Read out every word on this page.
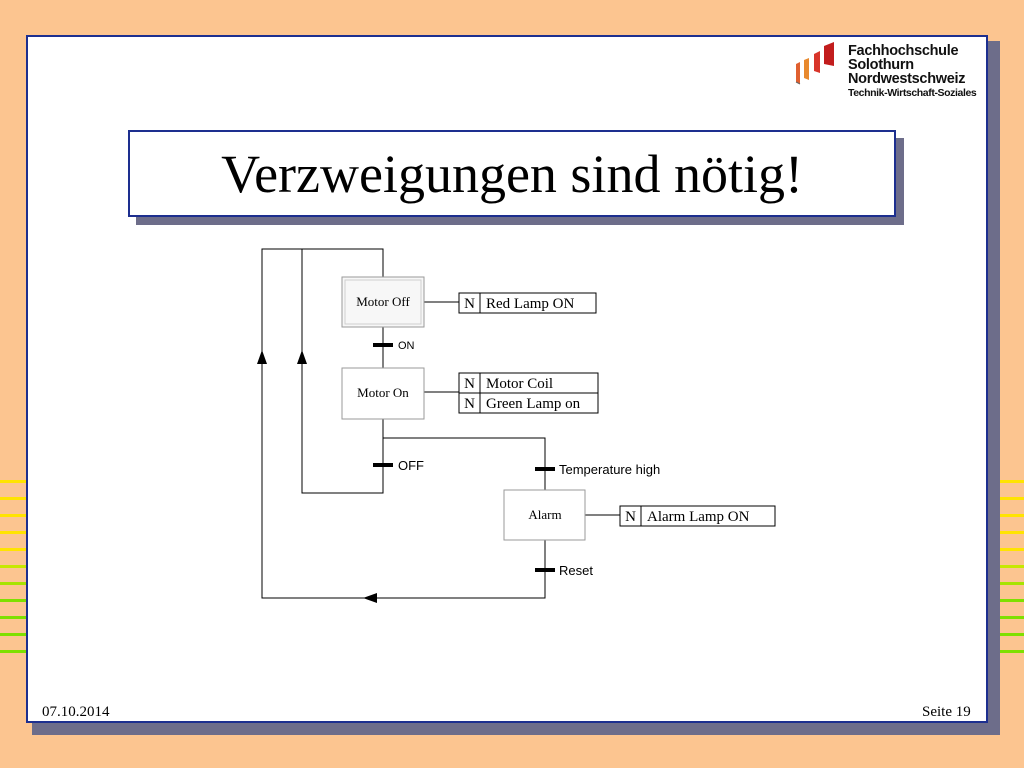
Fachhochschule
Solothurn
Nordwestschweiz
Technik-Wirtschaft-Soziales
Verzweigungen sind nötig!
ON
OFF	Temperature high
Reset
Motor Off
Motor On
Alarm
N Red Lamp ON
N Motor Coil
N Green Lamp on
N Alarm Lamp ON
07.10.2014	Seite 19
